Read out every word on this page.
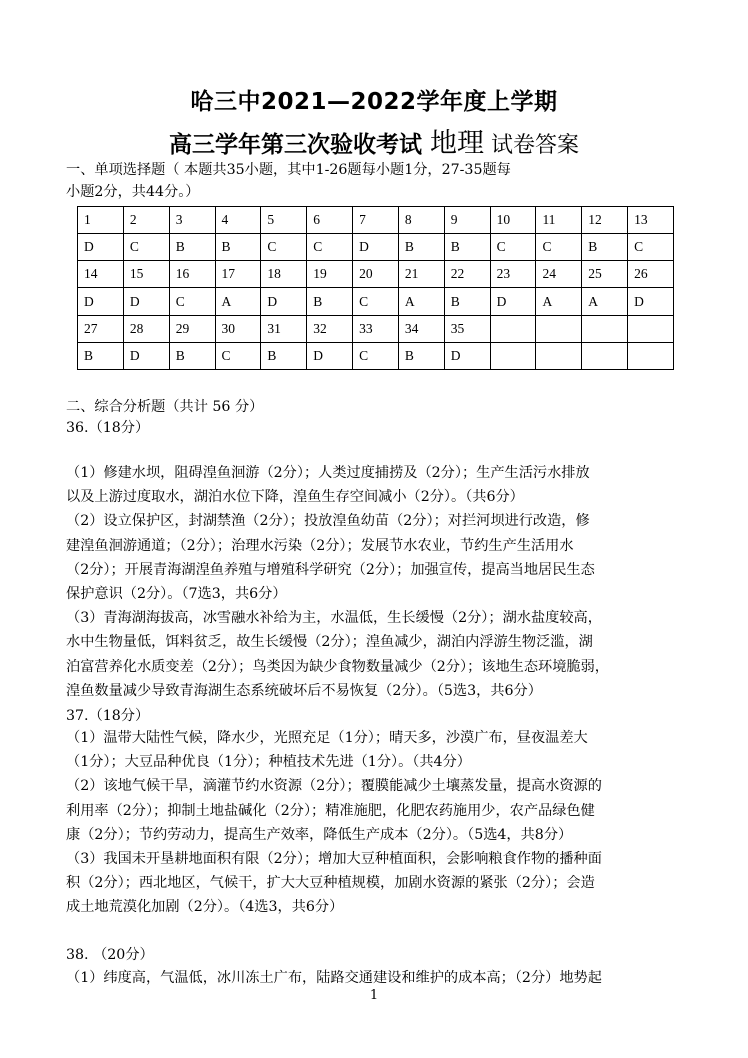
哈三中2021—2022学年度上学期
高三学年第三次验收考试 地理 试卷答案
一、单项选择题（ 本题共35小题，其中1-26题每小题1分，27-35题每
小题2分，共44分。）
1	2	3	4	5	6	7	8	9	10	11	12	13
D	C	B	B	C	C	D	B	B	C	C	B	C
14	15	16	17	18	19	20	21	22	23	24	25	26
D	D	C	A	D	B	C	A	B	D	A	A	D
27	28	29	30	31	32	33	34	35				
B	D	B	C	B	D	C	B	D				
二、综合分析题（共计 56 分）
36.（18分）
（1）修建水坝，阻碍湟鱼洄游（2分）；人类过度捕捞及（2分）；生产生活污水排放
以及上游过度取水，湖泊水位下降，湟鱼生存空间减小（2分）。（共6分）
（2）设立保护区，封湖禁渔（2分）；投放湟鱼幼苗（2分）；对拦河坝进行改造，修
建湟鱼洄游通道；（2分）；治理水污染（2分）；发展节水农业，节约生产生活用水
（2分）；开展青海湖湟鱼养殖与增殖科学研究（2分）；加强宣传，提高当地居民生态
保护意识（2分）。（7选3，共6分）
（3）青海湖海拔高，冰雪融水补给为主，水温低，生长缓慢（2分）；湖水盐度较高，
水中生物量低，饵料贫乏，故生长缓慢（2分）；湟鱼减少，湖泊内浮游生物泛滥，湖
泊富营养化水质变差（2分）；鸟类因为缺少食物数量减少（2分）；该地生态环境脆弱，
湟鱼数量减少导致青海湖生态系统破坏后不易恢复（2分）。（5选3，共6分）
37.（18分）
（1）温带大陆性气候，降水少，光照充足（1分）；晴天多，沙漠广布，昼夜温差大
（1分）；大豆品种优良（1分）；种植技术先进（1分）。（共4分）
（2）该地气候干旱，滴灌节约水资源（2分）；覆膜能减少土壤蒸发量，提高水资源的
利用率（2分）；抑制土地盐碱化（2分）；精准施肥，化肥农药施用少，农产品绿色健
康（2分）；节约劳动力，提高生产效率，降低生产成本（2分）。（5选4，共8分）
（3）我国未开垦耕地面积有限（2分）；增加大豆种植面积，会影响粮食作物的播种面
积（2分）；西北地区，气候干，扩大大豆种植规模，加剧水资源的紧张（2分）；会造
成土地荒漠化加剧（2分）。（4选3，共6分）
38. （20分）
（1）纬度高，气温低，冰川冻土广布，陆路交通建设和维护的成本高；（2分）地势起
1
